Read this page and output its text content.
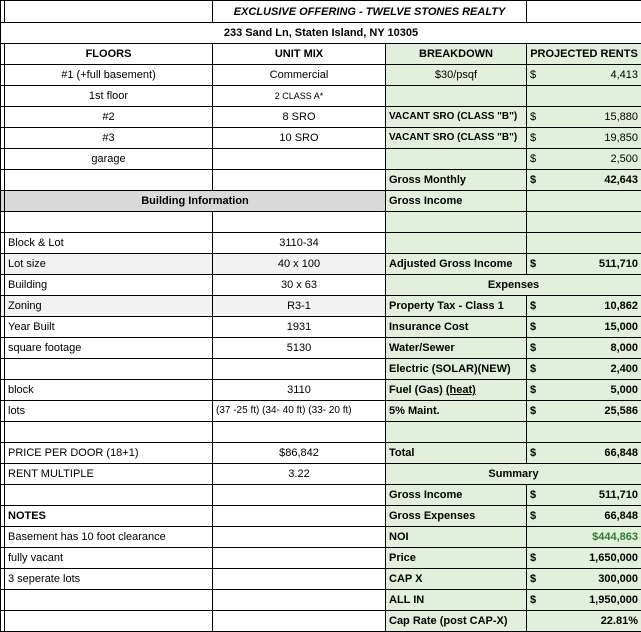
		EXCLUSIVE OFFERING - TWELVE STONES REALTY		
233 Sand Ln, Staten Island, NY 10305				
	FLOORS	UNIT MIX	BREAKDOWN	PROJECTED RENTS
	#1 (+full basement)	Commercial	$30/psqf	$ 4,413
	1st floor	2 CLASS A*		
	#2	8 SRO	VACANT SRO (CLASS "B")	$ 15,880
	#3	10 SRO	VACANT SRO (CLASS "B")	$ 19,850
	garage			$ 2,500
			Gross Monthly	$ 42,643
	Building Information		Gross Income	

	Block & Lot	3110-34		
	Lot size	40 x 100	Adjusted Gross Income	$ 511,710
	Building	30 x 63	Expenses	
	Zoning	R3-1	Property Tax - Class 1	$ 10,862
	Year Built	1931	Insurance Cost	$ 15,000
	square footage	5130	Water/Sewer	$ 8,000
			Electric (SOLAR)(NEW)	$ 2,400
	block	3110	Fuel (Gas) (heat)	$ 5,000
	lots	(37 -25 ft) (34- 40 ft) (33- 20 ft)	5% Maint.	$ 25,586

	PRICE PER DOOR (18+1)	$86,842	Total	$ 66,848
	RENT MULTIPLE	3.22	Summary	
			Gross Income	$ 511,710
	NOTES		Gross Expenses	$ 66,848
	Basement has 10 foot clearance		NOI	$444,863
	fully vacant		Price	$ 1,650,000
	3 seperate lots		CAP X	$ 300,000
			ALL IN	$ 1,950,000
			Cap Rate (post CAP-X)	22.81%
